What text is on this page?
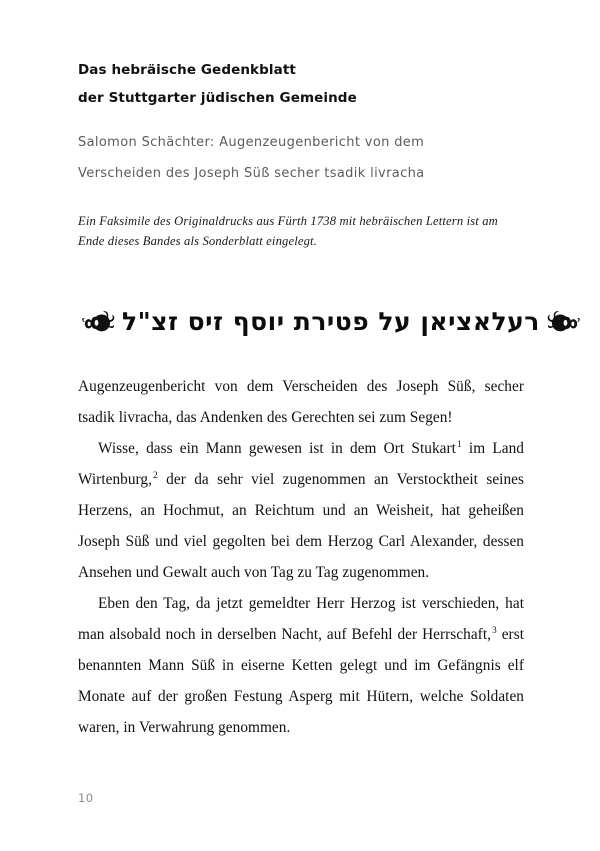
Das hebräische Gedenkblatt
der Stuttgarter jüdischen Gemeinde
Salomon Schächter: Augenzeugenbericht von dem
Verscheiden des Joseph Süß secher tsadik livracha
Ein Faksimile des Originaldrucks aus Fürth 1738 mit hebräischen Lettern ist am
Ende dieses Bandes als Sonderblatt eingelegt.
רעלאציאן על פטירת יוסף זיס זצ"ל

Augenzeugenbericht von dem Verscheiden des Joseph Süß, secher tsadik livracha, das Andenken des Gerechten sei zum Segen!

Wisse, dass ein Mann gewesen ist in dem Ort Stukart$^1$ im Land Wirtenburg,$^2$ der da sehr viel zugenommen an Verstocktheit seines Herzens, an Hochmut, an Reichtum und an Weisheit, hat geheißen Joseph Süß und viel gegolten bei dem Herzog Carl Alexander, dessen Ansehen und Gewalt auch von Tag zu Tag zugenommen.

Eben den Tag, da jetzt gemeldter Herr Herzog ist verschieden, hat man alsobald noch in derselben Nacht, auf Befehl der Herrschaft,$^3$ erst benannten Mann Süß in eiserne Ketten gelegt und im Gefängnis elf Monate auf der großen Festung Asperg mit Hütern, welche Soldaten waren, in Verwahrung genommen.

10
